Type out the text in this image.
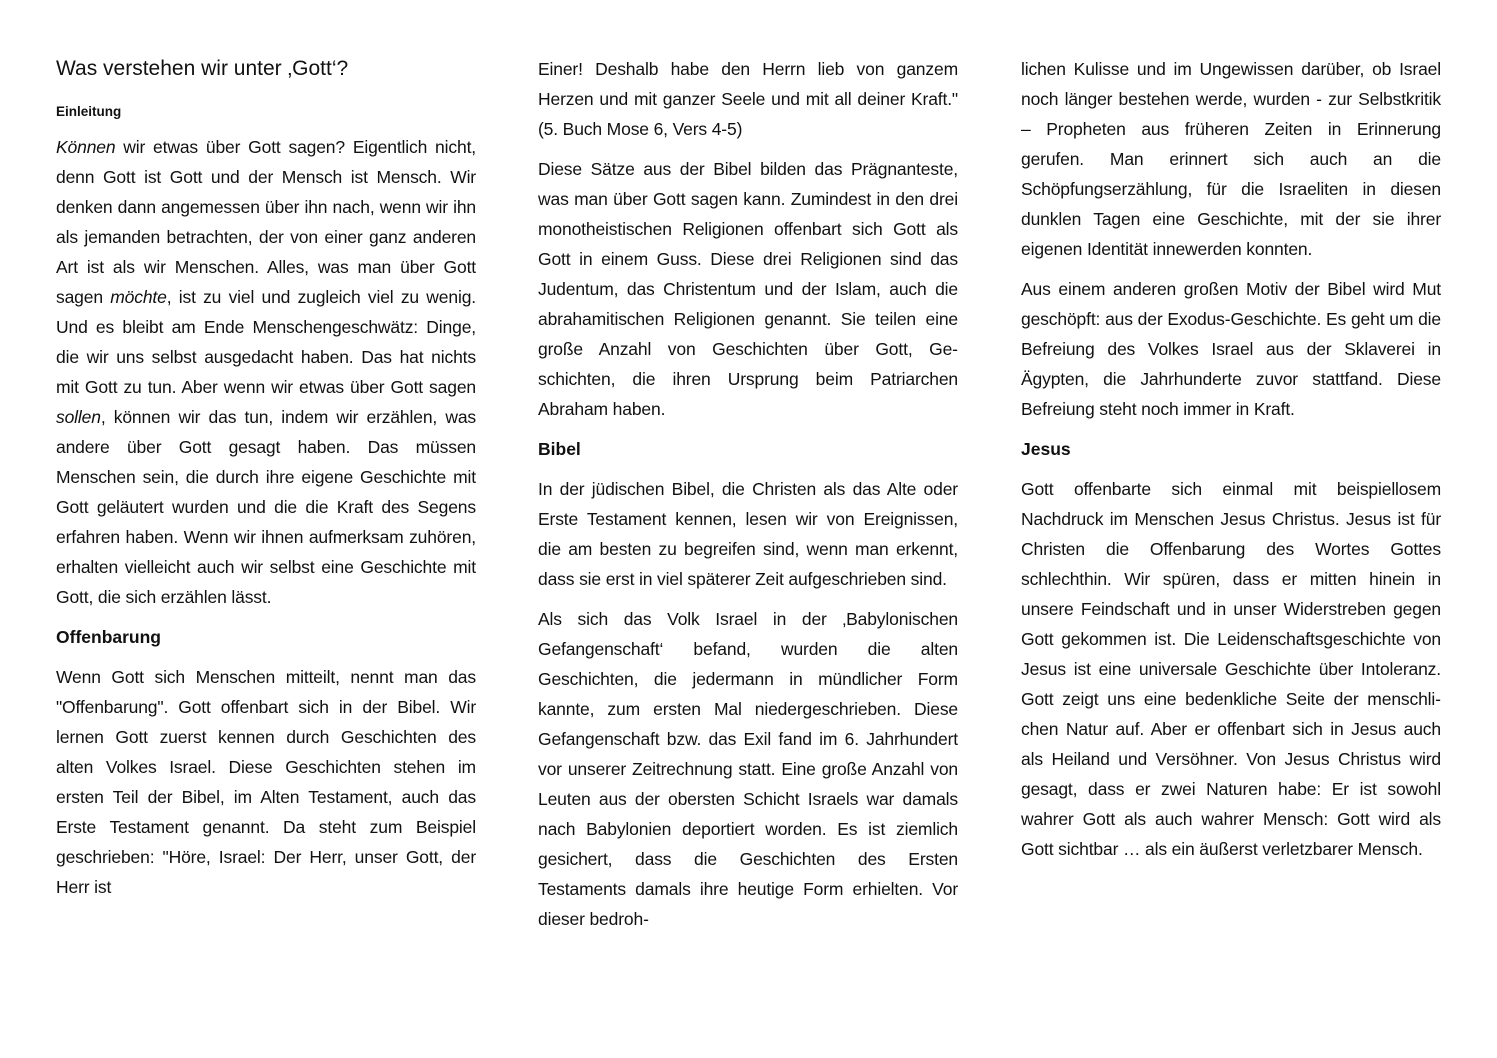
Was verstehen wir unter ‚Gott‘?
Einleitung

Können wir etwas über Gott sagen? Eigentlich nicht, denn Gott ist Gott und der Mensch ist Mensch. Wir denken dann angemessen über ihn nach, wenn wir ihn als jemanden betrachten, der von einer ganz anderen Art ist als wir Menschen. Alles, was man über Gott sagen möchte, ist zu viel und zugleich viel zu wenig. Und es bleibt am Ende Menschengeschwätz: Dinge, die wir uns selbst ausgedacht haben. Das hat nichts mit Gott zu tun. Aber wenn wir etwas über Gott sagen sollen, können wir das tun, indem wir erzählen, was andere über Gott gesagt haben. Das müssen Menschen sein, die durch ihre eigene Geschichte mit Gott geläutert wurden und die die Kraft des Segens erfahren haben. Wenn wir ihnen aufmerksam zuhören, erhalten vielleicht auch wir selbst eine Geschichte mit Gott, die sich erzählen lässt.

Offenbarung

Wenn Gott sich Menschen mitteilt, nennt man das "Offenbarung". Gott offenbart sich in der Bibel. Wir lernen Gott zuerst kennen durch Geschichten des alten Volkes Israel. Diese Geschichten stehen im ersten Teil der Bibel, im Alten Testament, auch das Erste Testament genannt. Da steht zum Beispiel geschrieben: "Höre, Israel: Der Herr, unser Gott, der Herr ist

Einer! Deshalb habe den Herrn lieb von ganzem Herzen und mit ganzer Seele und mit all deiner Kraft." (5. Buch Mose 6, Vers 4-5)

Diese Sätze aus der Bibel bilden das Prägnanteste, was man über Gott sagen kann. Zumindest in den drei monotheistischen Religionen offenbart sich Gott als Gott in einem Guss. Diese drei Religionen sind das Judentum, das Christentum und der Islam, auch die abrahamitischen Religionen genannt. Sie teilen eine große Anzahl von Geschichten über Gott, Geschichten, die ihren Ursprung beim Patriarchen Abraham haben.

Bibel

In der jüdischen Bibel, die Christen als das Alte oder Erste Testament kennen, lesen wir von Ereignissen, die am besten zu begreifen sind, wenn man erkennt, dass sie erst in viel späterer Zeit aufgeschrieben sind.

Als sich das Volk Israel in der ‚Babylonischen Gefangenschaft‘ befand, wurden die alten Geschichten, die jedermann in mündlicher Form kannte, zum ersten Mal niedergeschrieben. Diese Gefangenschaft bzw. das Exil fand im 6. Jahrhundert vor unserer Zeitrechnung statt. Eine große Anzahl von Leuten aus der obersten Schicht Israels war damals nach Babylonien deportiert worden. Es ist ziemlich gesichert, dass die Geschichten des Ersten Testaments damals ihre heutige Form erhielten. Vor dieser bedroh-

lichen Kulisse und im Ungewissen darüber, ob Israel noch länger bestehen werde, wurden - zur Selbstkritik – Propheten aus früheren Zeiten in Erinnerung gerufen. Man erinnert sich auch an die Schöpfungserzählung, für die Israeliten in diesen dunklen Tagen eine Geschichte, mit der sie ihrer eigenen Identität innewerden konnten.

Aus einem anderen großen Motiv der Bibel wird Mut geschöpft: aus der Exodus-Geschichte. Es geht um die Befreiung des Volkes Israel aus der Sklaverei in Ägypten, die Jahrhunderte zuvor stattfand. Diese Befreiung steht noch immer in Kraft.

Jesus

Gott offenbarte sich einmal mit beispiellosem Nachdruck im Menschen Jesus Christus. Jesus ist für Christen die Offenbarung des Wortes Gottes schlechthin. Wir spüren, dass er mitten hinein in unsere Feindschaft und in unser Widerstreben gegen Gott gekommen ist. Die Leidenschaftsgeschichte von Jesus ist eine universale Geschichte über Intoleranz. Gott zeigt uns eine bedenkliche Seite der menschlichen Natur auf. Aber er offenbart sich in Jesus auch als Heiland und Versöhner. Von Jesus Christus wird gesagt, dass er zwei Naturen habe: Er ist sowohl wahrer Gott als auch wahrer Mensch: Gott wird als Gott sichtbar … als ein äußerst verletzbarer Mensch.
